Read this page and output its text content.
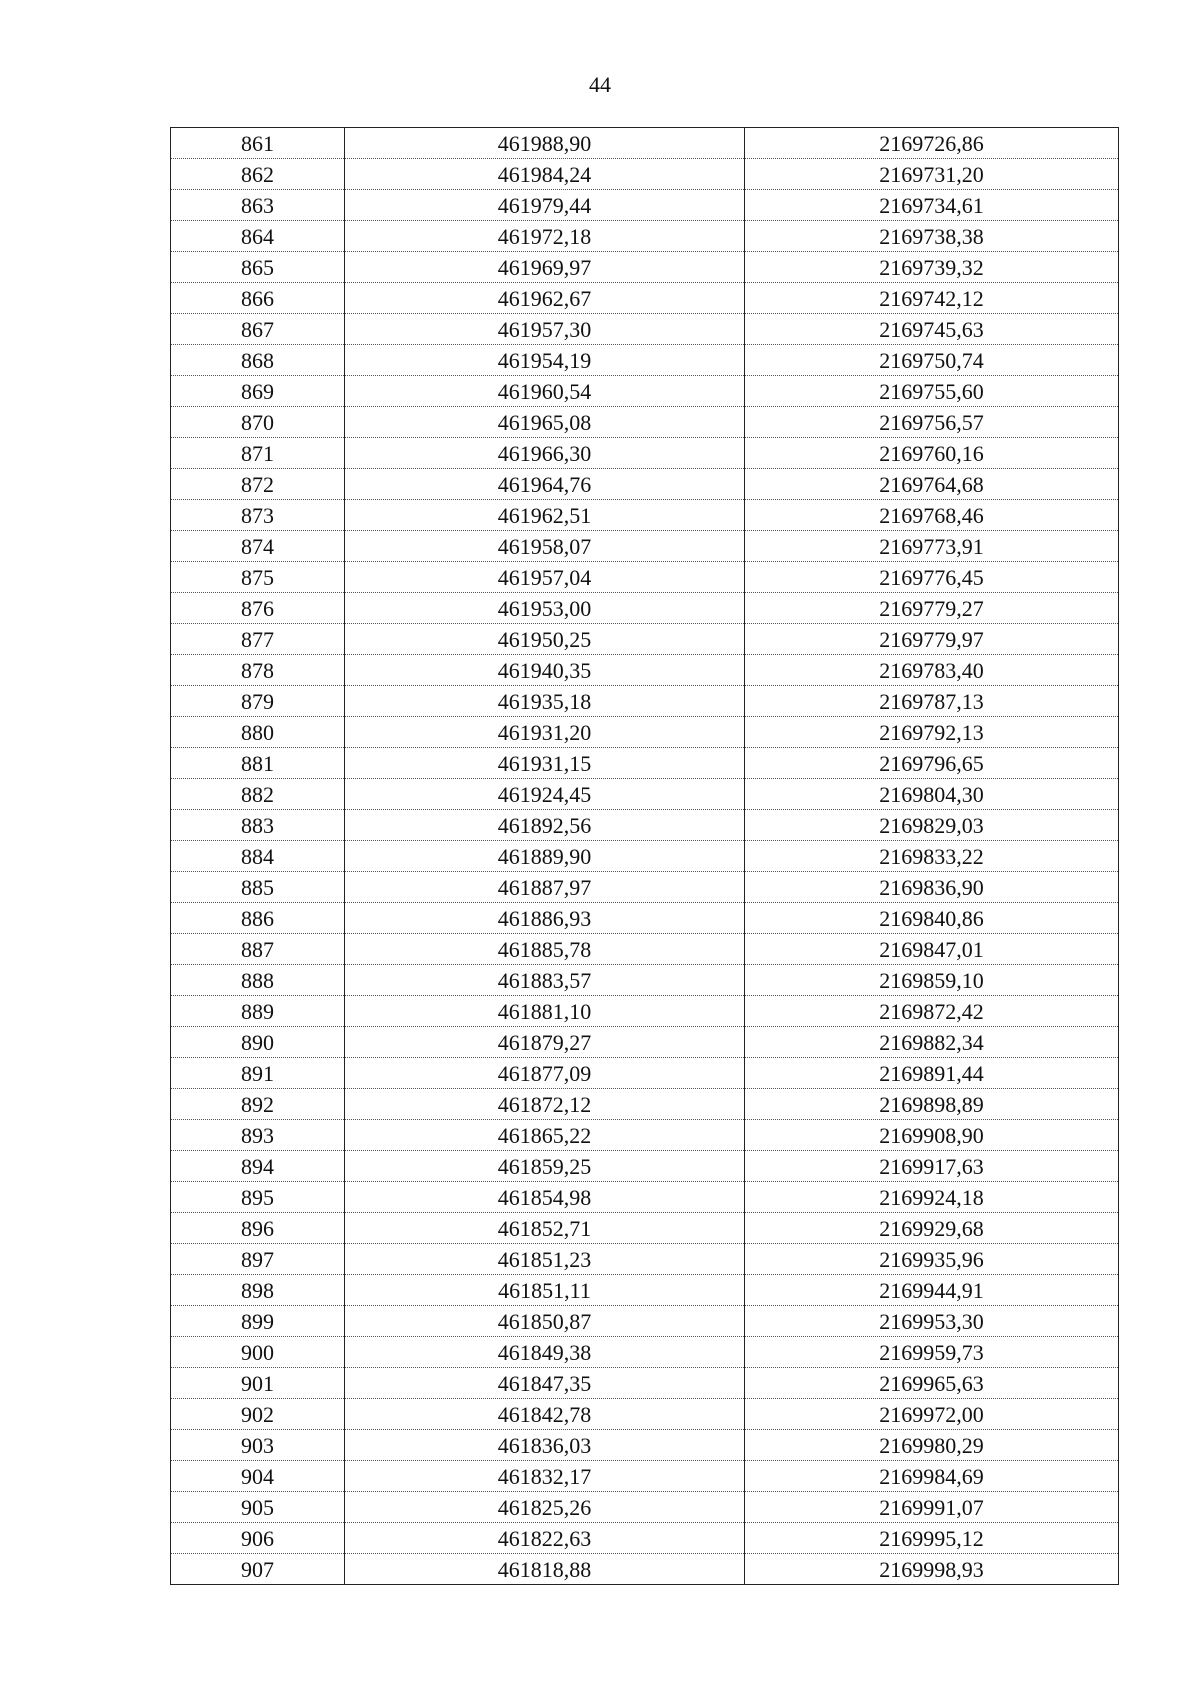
44
861	461988,90	2169726,86
862	461984,24	2169731,20
863	461979,44	2169734,61
864	461972,18	2169738,38
865	461969,97	2169739,32
866	461962,67	2169742,12
867	461957,30	2169745,63
868	461954,19	2169750,74
869	461960,54	2169755,60
870	461965,08	2169756,57
871	461966,30	2169760,16
872	461964,76	2169764,68
873	461962,51	2169768,46
874	461958,07	2169773,91
875	461957,04	2169776,45
876	461953,00	2169779,27
877	461950,25	2169779,97
878	461940,35	2169783,40
879	461935,18	2169787,13
880	461931,20	2169792,13
881	461931,15	2169796,65
882	461924,45	2169804,30
883	461892,56	2169829,03
884	461889,90	2169833,22
885	461887,97	2169836,90
886	461886,93	2169840,86
887	461885,78	2169847,01
888	461883,57	2169859,10
889	461881,10	2169872,42
890	461879,27	2169882,34
891	461877,09	2169891,44
892	461872,12	2169898,89
893	461865,22	2169908,90
894	461859,25	2169917,63
895	461854,98	2169924,18
896	461852,71	2169929,68
897	461851,23	2169935,96
898	461851,11	2169944,91
899	461850,87	2169953,30
900	461849,38	2169959,73
901	461847,35	2169965,63
902	461842,78	2169972,00
903	461836,03	2169980,29
904	461832,17	2169984,69
905	461825,26	2169991,07
906	461822,63	2169995,12
907	461818,88	2169998,93
